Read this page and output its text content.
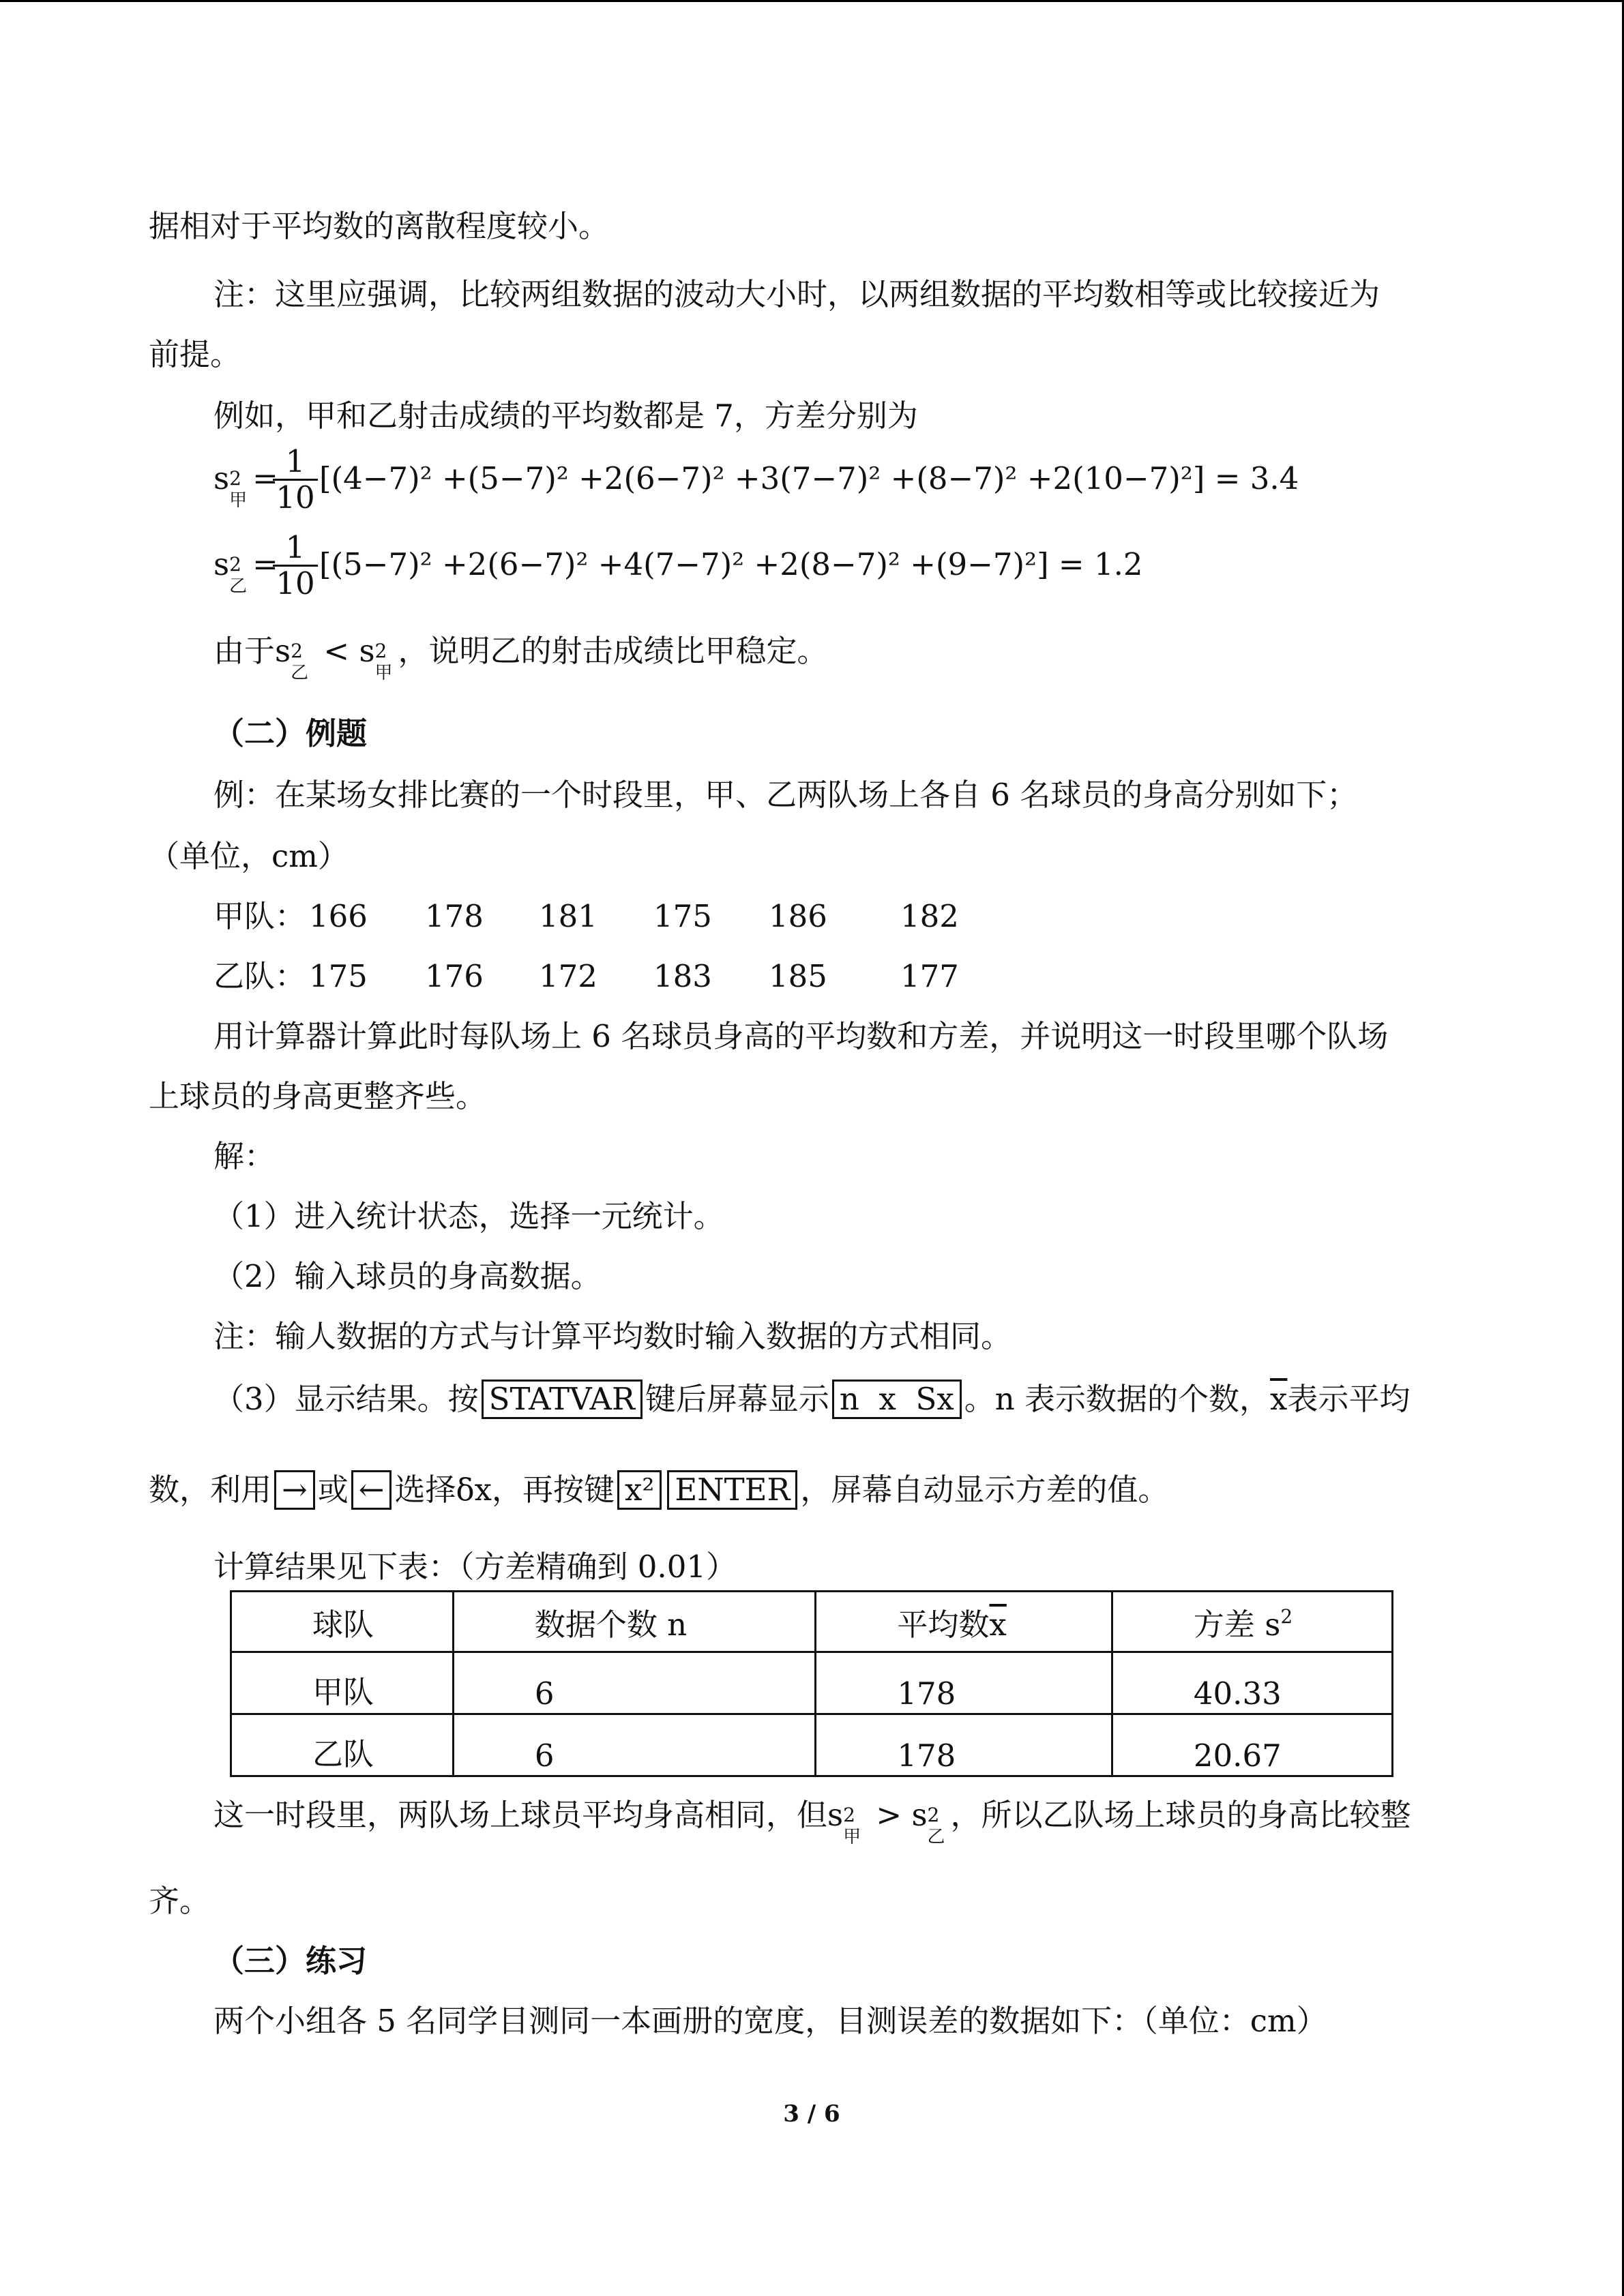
据相对于平均数的离散程度较小。
注：这里应强调，比较两组数据的波动大小时，以两组数据的平均数相等或比较接近为
前提。
例如，甲和乙射击成绩的平均数都是 7，方差分别为
s 2
甲
=
$\frac{1}{10} [(4-7)^2 +(5-7)^2 +2(6-7)^2 +3(7-7)^2 +(8-7)^2 +2(10-7)^2] = 3.4$
s 2
乙
=
$\frac{1}{10} [(5-7)^2 +2(6-7)^2 +4(7-7)^2 +2(8-7)^2 +(9-7)^2] = 1.2$
由于s 2
乙
< s 2
甲
，说明乙的射击成绩比甲稳定。
（二）例题
例：在某场女排比赛的一个时段里，甲、乙两队场上各自 6 名球员的身高分别如下；
（单位，cm）
甲队： 166 178 181 175 186 182
乙队： 175 176 172 183 185 177
用计算器计算此时每队场上 6 名球员身高的平均数和方差，并说明这一时段里哪个队场
上球员的身高更整齐些。
解：
（1）进入统计状态，选择一元统计。
（2）输入球员的身高数据。
注：输人数据的方式与计算平均数时输入数据的方式相同。
（3）显示结果。按 STATVAR 键后屏幕显示 n  x  Sx 。n 表示数据的个数，$\overline{x}$表示平均
数，利用 → 或 ← 选择δx，再按键 x² ENTER ，屏幕自动显示方差的值。
计算结果见下表：（方差精确到 0.01）
球队	数据个数 n	平均数$\overline{x}$	方差 $s^2$
甲队	6	178	40.33
乙队	6	178	20.67
这一时段里，两队场上球员平均身高相同，但s 2
甲
> s 2
乙
，所以乙队场上球员的身高比较整
齐。
（三）练习
两个小组各 5 名同学目测同一本画册的宽度，目测误差的数据如下：（单位：cm）
3 / 6
